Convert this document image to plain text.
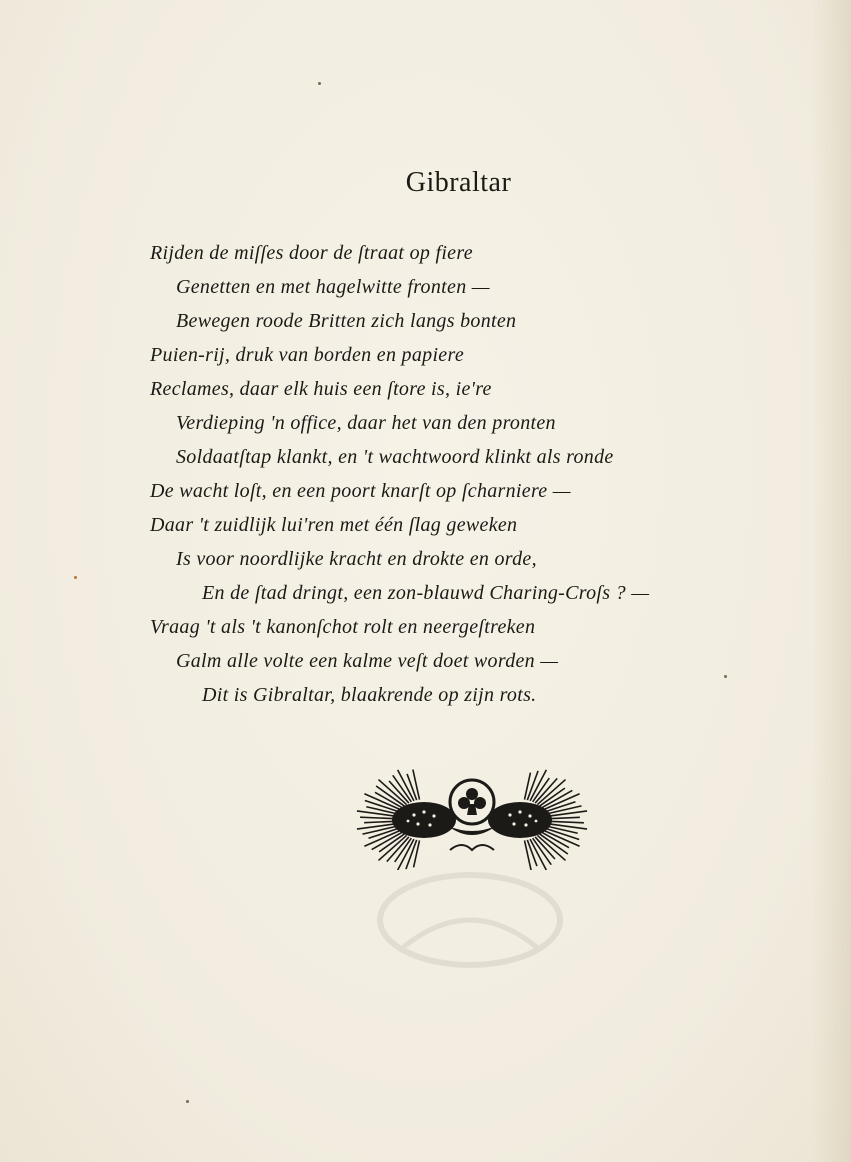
Gibraltar
Rijden de miſſes door de ſtraat op fiere
Genetten en met hagelwitte fronten —
Bewegen roode Britten zich langs bonten
Puien-rij, druk van borden en papiere
Reclames, daar elk huis een ſtore is, ie're
Verdieping 'n office, daar het van den pronten
Soldaatſtap klankt, en 't wachtwoord klinkt als ronde
De wacht loſt, en een poort knarſt op ſcharniere —
Daar 't zuidlijk lui'ren met één ſlag geweken
Is voor noordlijke kracht en drokte en orde,
En de ſtad dringt, een zon-blauwd Charing-Croſs ? —
Vraag 't als 't kanonſchot rolt en neergeſtreken
Galm alle volte een kalme veſt doet worden —
Dit is Gibraltar, blaakrende op zijn rots.
